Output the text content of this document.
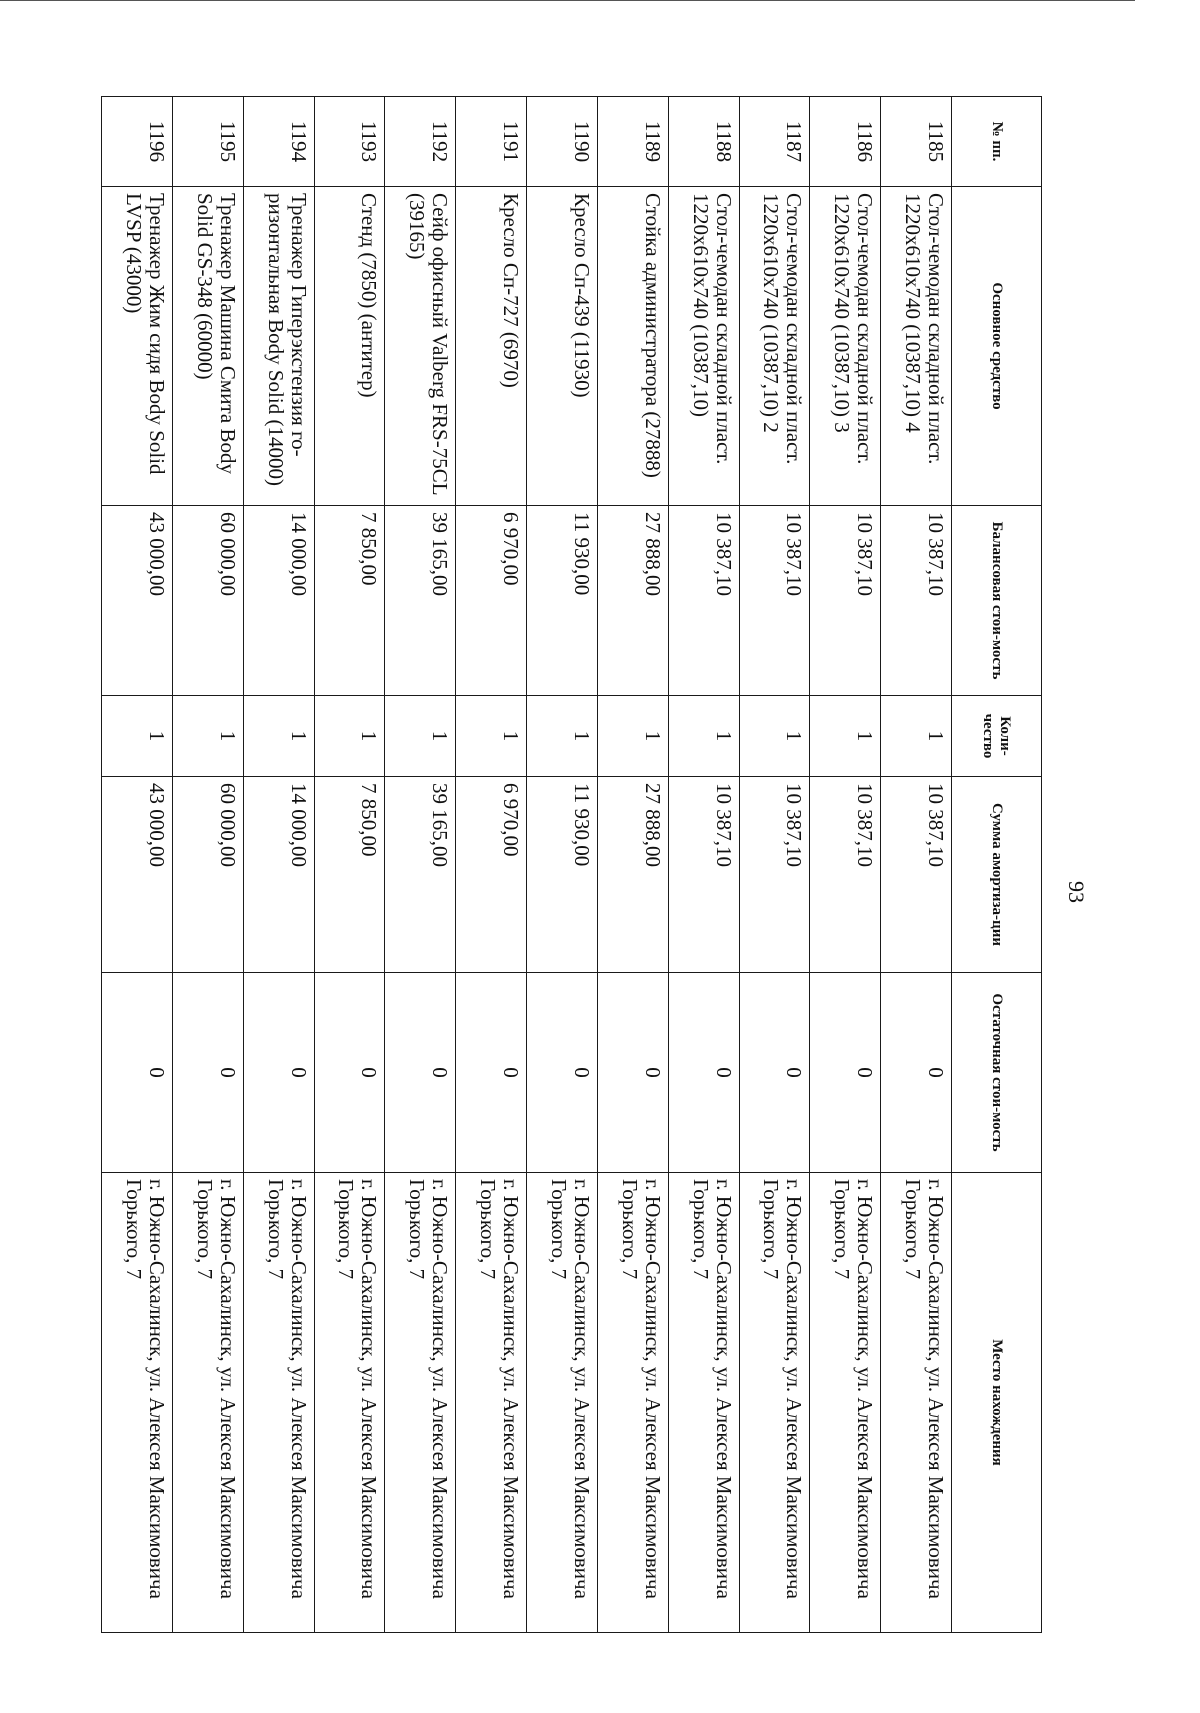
93
№ пп.	Основное средство	Балансовая стои-мость	Коли-чество	Сумма амортиза-ции	Остаточная стои-мость	Место нахождения
1185	Стол-чемодан складной пласт. 1220х610х740 (10387,10) 4	10 387,10	1	10 387,10	0	г. Южно-Сахалинск, ул. Алексея Максимовича Горького, 7
1186	Стол-чемодан складной пласт. 1220х610х740 (10387,10) 3	10 387,10	1	10 387,10	0	г. Южно-Сахалинск, ул. Алексея Максимовича Горького, 7
1187	Стол-чемодан складной пласт. 1220х610х740 (10387,10) 2	10 387,10	1	10 387,10	0	г. Южно-Сахалинск, ул. Алексея Максимовича Горького, 7
1188	Стол-чемодан складной пласт. 1220х610х740 (10387,10)	10 387,10	1	10 387,10	0	г. Южно-Сахалинск, ул. Алексея Максимовича Горького, 7
1189	Стойка администратора (27888)	27 888,00	1	27 888,00	0	г. Южно-Сахалинск, ул. Алексея Максимовича Горького, 7
1190	Кресло Сп-439 (11930)	11 930,00	1	11 930,00	0	г. Южно-Сахалинск, ул. Алексея Максимовича Горького, 7
1191	Кресло Сп-727 (6970)	6 970,00	1	6 970,00	0	г. Южно-Сахалинск, ул. Алексея Максимовича Горького, 7
1192	Сейф офисный Valberg FRS-75CL (39165)	39 165,00	1	39 165,00	0	г. Южно-Сахалинск, ул. Алексея Максимовича Горького, 7
1193	Стенд (7850) (антитер)	7 850,00	1	7 850,00	0	г. Южно-Сахалинск, ул. Алексея Максимовича Горького, 7
1194	Тренажер Гиперэкстензия го-ризонтальная Body Solid (14000)	14 000,00	1	14 000,00	0	г. Южно-Сахалинск, ул. Алексея Максимовича Горького, 7
1195	Тренажер Машина Смита Body Solid GS-348 (60000)	60 000,00	1	60 000,00	0	г. Южно-Сахалинск, ул. Алексея Максимовича Горького, 7
1196	Тренажер Жим сидя Body Solid LVSP (43000)	43 000,00	1	43 000,00	0	г. Южно-Сахалинск, ул. Алексея Максимовича Горького, 7
